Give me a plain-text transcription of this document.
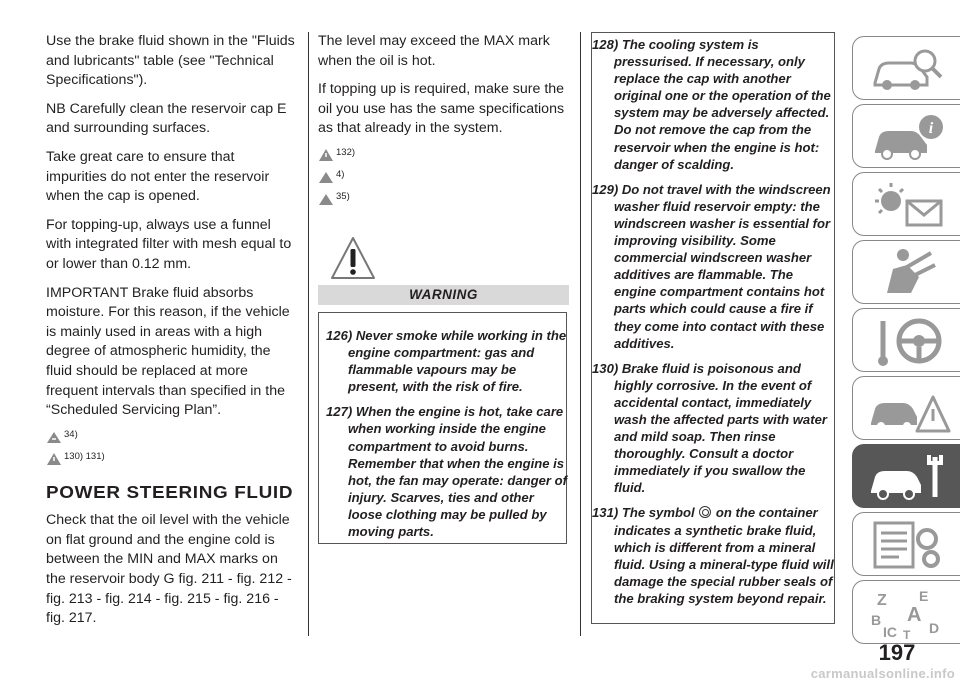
Use the brake fluid shown in the "Fluids and lubricants" table (see "Technical Specifications").

NB Carefully clean the reservoir cap E and surrounding surfaces.

Take great care to ensure that impurities do not enter the reservoir when the cap is opened.

For topping-up, always use a funnel with integrated filter with mesh equal to or lower than 0.12 mm.

IMPORTANT Brake fluid absorbs moisture. For this reason, if the vehicle is mainly used in areas with a high degree of atmospheric humidity, the fluid should be replaced at more frequent intervals than specified in the “Scheduled Servicing Plan”.

34)
130) 131)
POWER STEERING FLUID

Check that the oil level with the vehicle on flat ground and the engine cold is between the MIN and MAX marks on the reservoir body G fig. 211 - fig. 212 - fig. 213 - fig. 214 - fig. 215 - fig. 216 - fig. 217.

The level may exceed the MAX mark when the oil is hot.

If topping up is required, make sure the oil you use has the same specifications as that already in the system.

132)
4)
35)
WARNING
126) Never smoke while working in the engine compartment: gas and flammable vapours may be present, with the risk of fire.
127) When the engine is hot, take care when working inside the engine compartment to avoid burns. Remember that when the engine is hot, the fan may operate: danger of injury. Scarves, ties and other loose clothing may be pulled by moving parts.
128) The cooling system is pressurised. If necessary, only replace the cap with another original one or the operation of the system may be adversely affected. Do not remove the cap from the reservoir when the engine is hot: danger of scalding.
129) Do not travel with the windscreen washer fluid reservoir empty: the windscreen washer is essential for improving visibility. Some commercial windscreen washer additives are flammable. The engine compartment contains hot parts which could cause a fire if they come into contact with these additives.
130) Brake fluid is poisonous and highly corrosive. In the event of accidental contact, immediately wash the affected parts with water and mild soap. Then rinse thoroughly. Consult a doctor immediately if you swallow the fluid.
131) The symbol on the container indicates a synthetic brake fluid, which is different from a mineral fluid. Using a mineral-type fluid will damage the special rubber seals of the braking system beyond repair.
i
Z E
A
B
IC D
T
197
carmanualsonline.info
